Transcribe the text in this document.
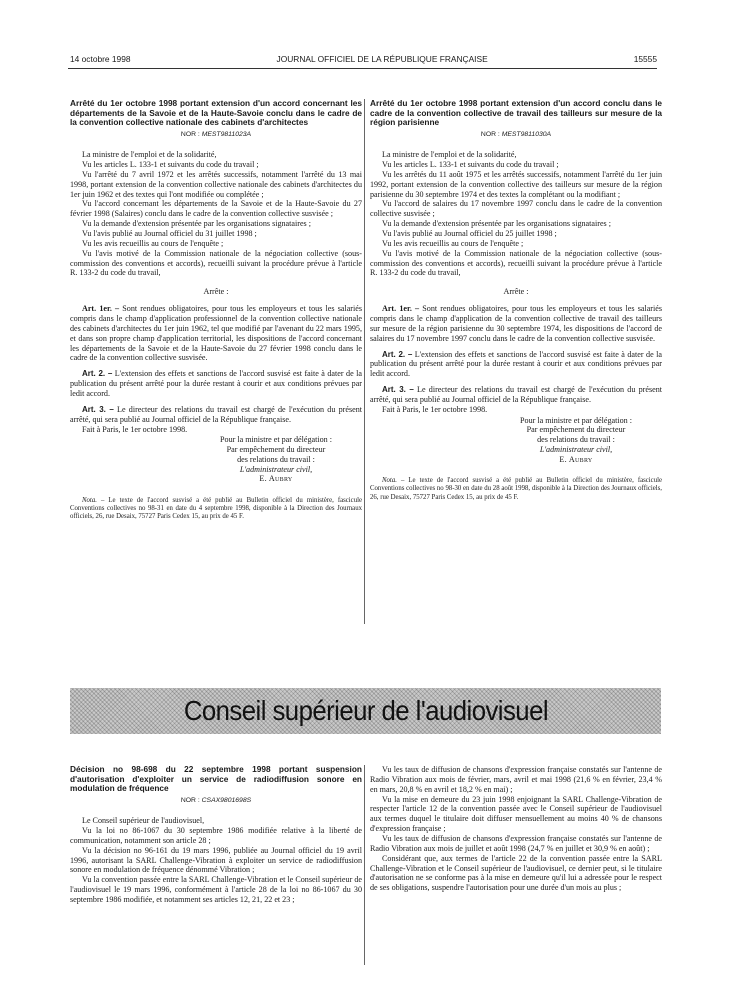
14 octobre 1998	JOURNAL OFFICIEL DE LA RÉPUBLIQUE FRANÇAISE	15555
Arrêté du 1er octobre 1998 portant extension d'un accord concernant les départements de la Savoie et de la Haute-Savoie conclu dans le cadre de la convention collective nationale des cabinets d'architectes
NOR : MEST9811023A

La ministre de l'emploi et de la solidarité,

Vu les articles L. 133-1 et suivants du code du travail ;

Vu l'arrêté du 7 avril 1972 et les arrêtés successifs, notamment l'arrêté du 13 mai 1998, portant extension de la convention collective nationale des cabinets d'architectes du 1er juin 1962 et des textes qui l'ont modifiée ou complétée ;

Vu l'accord concernant les départements de la Savoie et de la Haute-Savoie du 27 février 1998 (Salaires) conclu dans le cadre de la convention collective susvisée ;

Vu la demande d'extension présentée par les organisations signataires ;

Vu l'avis publié au Journal officiel du 31 juillet 1998 ;

Vu les avis recueillis au cours de l'enquête ;

Vu l'avis motivé de la Commission nationale de la négociation collective (sous-commission des conventions et accords), recueilli suivant la procédure prévue à l'article R. 133-2 du code du travail,

Arrête :

Art. 1er. – Sont rendues obligatoires, pour tous les employeurs et tous les salariés compris dans le champ d'application professionnel de la convention collective nationale des cabinets d'architectes du 1er juin 1962, tel que modifié par l'avenant du 22 mars 1995, et dans son propre champ d'application territorial, les dispositions de l'accord concernant les départements de la Savoie et de la Haute-Savoie du 27 février 1998 conclu dans le cadre de la convention collective susvisée.

Art. 2. – L'extension des effets et sanctions de l'accord susvisé est faite à dater de la publication du présent arrêté pour la durée restant à courir et aux conditions prévues par ledit accord.

Art. 3. – Le directeur des relations du travail est chargé de l'exécution du présent arrêté, qui sera publié au Journal officiel de la République française.

Fait à Paris, le 1er octobre 1998.

Pour la ministre et par délégation :
Par empêchement du directeur
des relations du travail :
L'administrateur civil,
E. Aubry
Nota. – Le texte de l'accord susvisé a été publié au Bulletin officiel du ministère, fascicule Conventions collectives no 98-31 en date du 4 septembre 1998, disponible à la Direction des Journaux officiels, 26, rue Desaix, 75727 Paris Cedex 15, au prix de 45 F.
Arrêté du 1er octobre 1998 portant extension d'un accord conclu dans le cadre de la convention collective de travail des tailleurs sur mesure de la région parisienne
NOR : MEST9811030A

La ministre de l'emploi et de la solidarité,

Vu les articles L. 133-1 et suivants du code du travail ;

Vu les arrêtés du 11 août 1975 et les arrêtés successifs, notamment l'arrêté du 1er juin 1992, portant extension de la convention collective des tailleurs sur mesure de la région parisienne du 30 septembre 1974 et des textes la complétant ou la modifiant ;

Vu l'accord de salaires du 17 novembre 1997 conclu dans le cadre de la convention collective susvisée ;

Vu la demande d'extension présentée par les organisations signataires ;

Vu l'avis publié au Journal officiel du 25 juillet 1998 ;

Vu les avis recueillis au cours de l'enquête ;

Vu l'avis motivé de la Commission nationale de la négociation collective (sous-commission des conventions et accords), recueilli suivant la procédure prévue à l'article R. 133-2 du code du travail,

Arrête :

Art. 1er. – Sont rendues obligatoires, pour tous les employeurs et tous les salariés compris dans le champ d'application de la convention collective de travail des tailleurs sur mesure de la région parisienne du 30 septembre 1974, les dispositions de l'accord de salaires du 17 novembre 1997 conclu dans le cadre de la convention collective susvisée.

Art. 2. – L'extension des effets et sanctions de l'accord susvisé est faite à dater de la publication du présent arrêté pour la durée restant à courir et aux conditions prévues par ledit accord.

Art. 3. – Le directeur des relations du travail est chargé de l'exécution du présent arrêté, qui sera publié au Journal officiel de la République française.

Fait à Paris, le 1er octobre 1998.

Pour la ministre et par délégation :
Par empêchement du directeur
des relations du travail :
L'administrateur civil,
E. Aubry
Nota. – Le texte de l'accord susvisé a été publié au Bulletin officiel du ministère, fascicule Conventions collectives no 98-30 en date du 28 août 1998, disponible à la Direction des Journaux officiels, 26, rue Desaix, 75727 Paris Cedex 15, au prix de 45 F.
Conseil supérieur de l'audiovisuel
Décision no 98-698 du 22 septembre 1998 portant suspension d'autorisation d'exploiter un service de radiodiffusion sonore en modulation de fréquence
NOR : CSAX9801698S

Le Conseil supérieur de l'audiovisuel,

Vu la loi no 86-1067 du 30 septembre 1986 modifiée relative à la liberté de communication, notamment son article 28 ;

Vu la décision no 96-161 du 19 mars 1996, publiée au Journal officiel du 19 avril 1996, autorisant la SARL Challenge-Vibration à exploiter un service de radiodiffusion sonore en modulation de fréquence dénommé Vibration ;

Vu la convention passée entre la SARL Challenge-Vibration et le Conseil supérieur de l'audiovisuel le 19 mars 1996, conformément à l'article 28 de la loi no 86-1067 du 30 septembre 1986 modifiée, et notamment ses articles 12, 21, 22 et 23 ;

Vu les taux de diffusion de chansons d'expression française constatés sur l'antenne de Radio Vibration aux mois de février, mars, avril et mai 1998 (21,6 % en février, 23,4 % en mars, 20,8 % en avril et 18,2 % en mai) ;

Vu la mise en demeure du 23 juin 1998 enjoignant la SARL Challenge-Vibration de respecter l'article 12 de la convention passée avec le Conseil supérieur de l'audiovisuel aux termes duquel le titulaire doit diffuser mensuellement au moins 40 % de chansons d'expression française ;

Vu les taux de diffusion de chansons d'expression française constatés sur l'antenne de Radio Vibration aux mois de juillet et août 1998 (24,7 % en juillet et 30,9 % en août) ;

Considérant que, aux termes de l'article 22 de la convention passée entre la SARL Challenge-Vibration et le Conseil supérieur de l'audiovisuel, ce dernier peut, si le titulaire d'autorisation ne se conforme pas à la mise en demeure qu'il lui a adressée pour le respect de ses obligations, suspendre l'autorisation pour une durée d'un mois au plus ;
